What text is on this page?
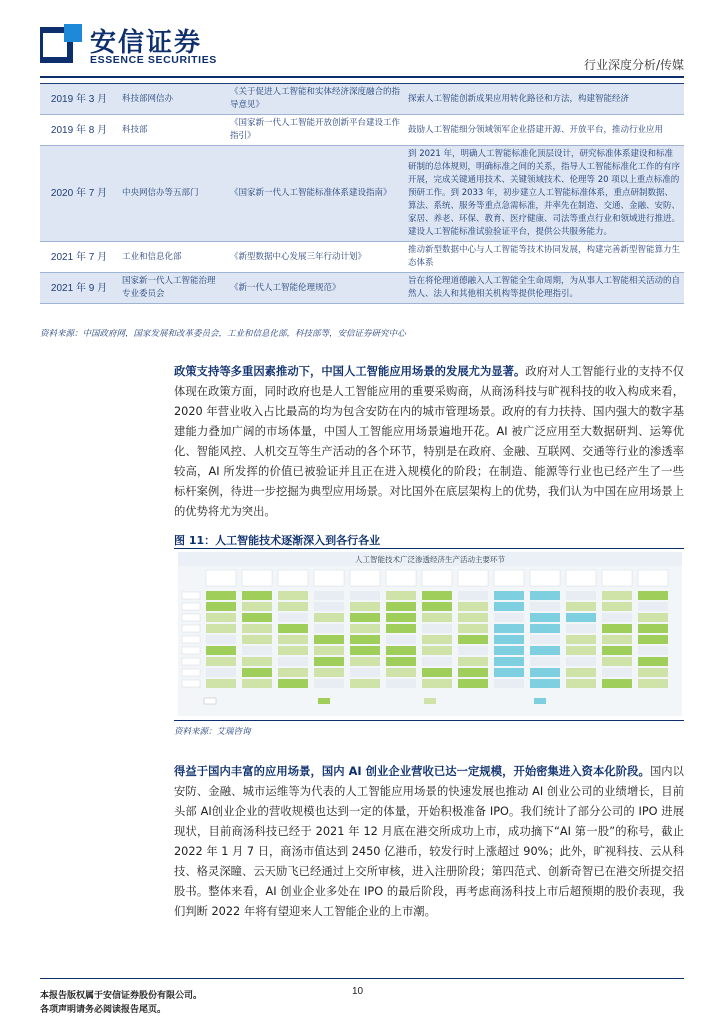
安信证券
ESSENCE SECURITIES	行业深度分析/传媒
2019 年 3 月	科技部网信办	《关于促进人工智能和实体经济深度融合的指导意见》	探索人工智能创新成果应用转化路径和方法，构建智能经济
2019 年 8 月	科技部	《国家新一代人工智能开放创新平台建设工作指引》	鼓励人工智能细分领域领军企业搭建开源、开放平台，推动行业应用
2020 年 7 月	中央网信办等五部门	《国家新一代人工智能标准体系建设指南》	到 2021 年，明确人工智能标准化顶层设计，研究标准体系建设和标准研制的总体规则，明确标准之间的关系，指导人工智能标准化工作的有序开展，完成关键通用技术、关键领域技术、伦理等 20 项以上重点标准的预研工作。到 2033 年，初步建立人工智能标准体系，重点研制数据、算法、系统、服务等重点急需标准，并率先在制造、交通、金融、安防、家居、养老、环保、教育、医疗健康、司法等重点行业和领域进行推进。建设人工智能标准试验验证平台，提供公共服务能力。
2021 年 7 月	工业和信息化部	《新型数据中心发展三年行动计划》	推动新型数据中心与人工智能等技术协同发展，构建完善新型智能算力生态体系
2021 年 9 月	国家新一代人工智能治理专业委员会	《新一代人工智能伦理规范》	旨在将伦理道德融入人工智能全生命周期，为从事人工智能相关活动的自然人、法人和其他相关机构等提供伦理指引。
资料来源：中国政府网，国家发展和改革委员会，工业和信息化部，科技部等，安信证券研究中心
政策支持等多重因素推动下，中国人工智能应用场景的发展尤为显著。政府对人工智能行业的支持不仅体现在政策方面，同时政府也是人工智能应用的重要采购商，从商汤科技与旷视科技的收入构成来看，2020 年营业收入占比最高的均为包含安防在内的城市管理场景。政府的有力扶持、国内强大的数字基建能力叠加广阔的市场体量，中国人工智能应用场景遍地开花。AI 被广泛应用至大数据研判、运筹优化、智能风控、人机交互等生产活动的各个环节，特别是在政府、金融、互联网、交通等行业的渗透率较高，AI 所发挥的价值已被验证并且正在进入规模化的阶段；在制造、能源等行业也已经产生了一些标杆案例，待进一步挖掘为典型应用场景。对比国外在底层架构上的优势，我们认为中国在应用场景上的优势将尤为突出。
图 11：人工智能技术逐渐深入到各行各业
人工智能技术广泛渗透经济生产活动主要环节
资料来源：艾瑞咨询
得益于国内丰富的应用场景，国内 AI 创业企业营收已达一定规模，开始密集进入资本化阶段。国内以安防、金融、城市运维等为代表的人工智能应用场景的快速发展也推动 AI 创业公司的业绩增长，目前头部 AI创业企业的营收规模也达到一定的体量，开始积极准备 IPO。我们统计了部分公司的 IPO 进展现状，目前商汤科技已经于 2021 年 12 月底在港交所成功上市，成功摘下“AI 第一股”的称号，截止 2022 年 1 月 7 日，商汤市值达到 2450 亿港币，较发行时上涨超过 90%；此外，旷视科技、云从科技、格灵深瞳、云天励飞已经通过上交所审核，进入注册阶段；第四范式、创新奇智已在港交所提交招股书。整体来看，AI 创业企业多处在 IPO 的最后阶段，再考虑商汤科技上市后超预期的股价表现，我们判断 2022 年将有望迎来人工智能企业的上市潮。
10
本报告版权属于安信证券股份有限公司。
各项声明请务必阅读报告尾页。
